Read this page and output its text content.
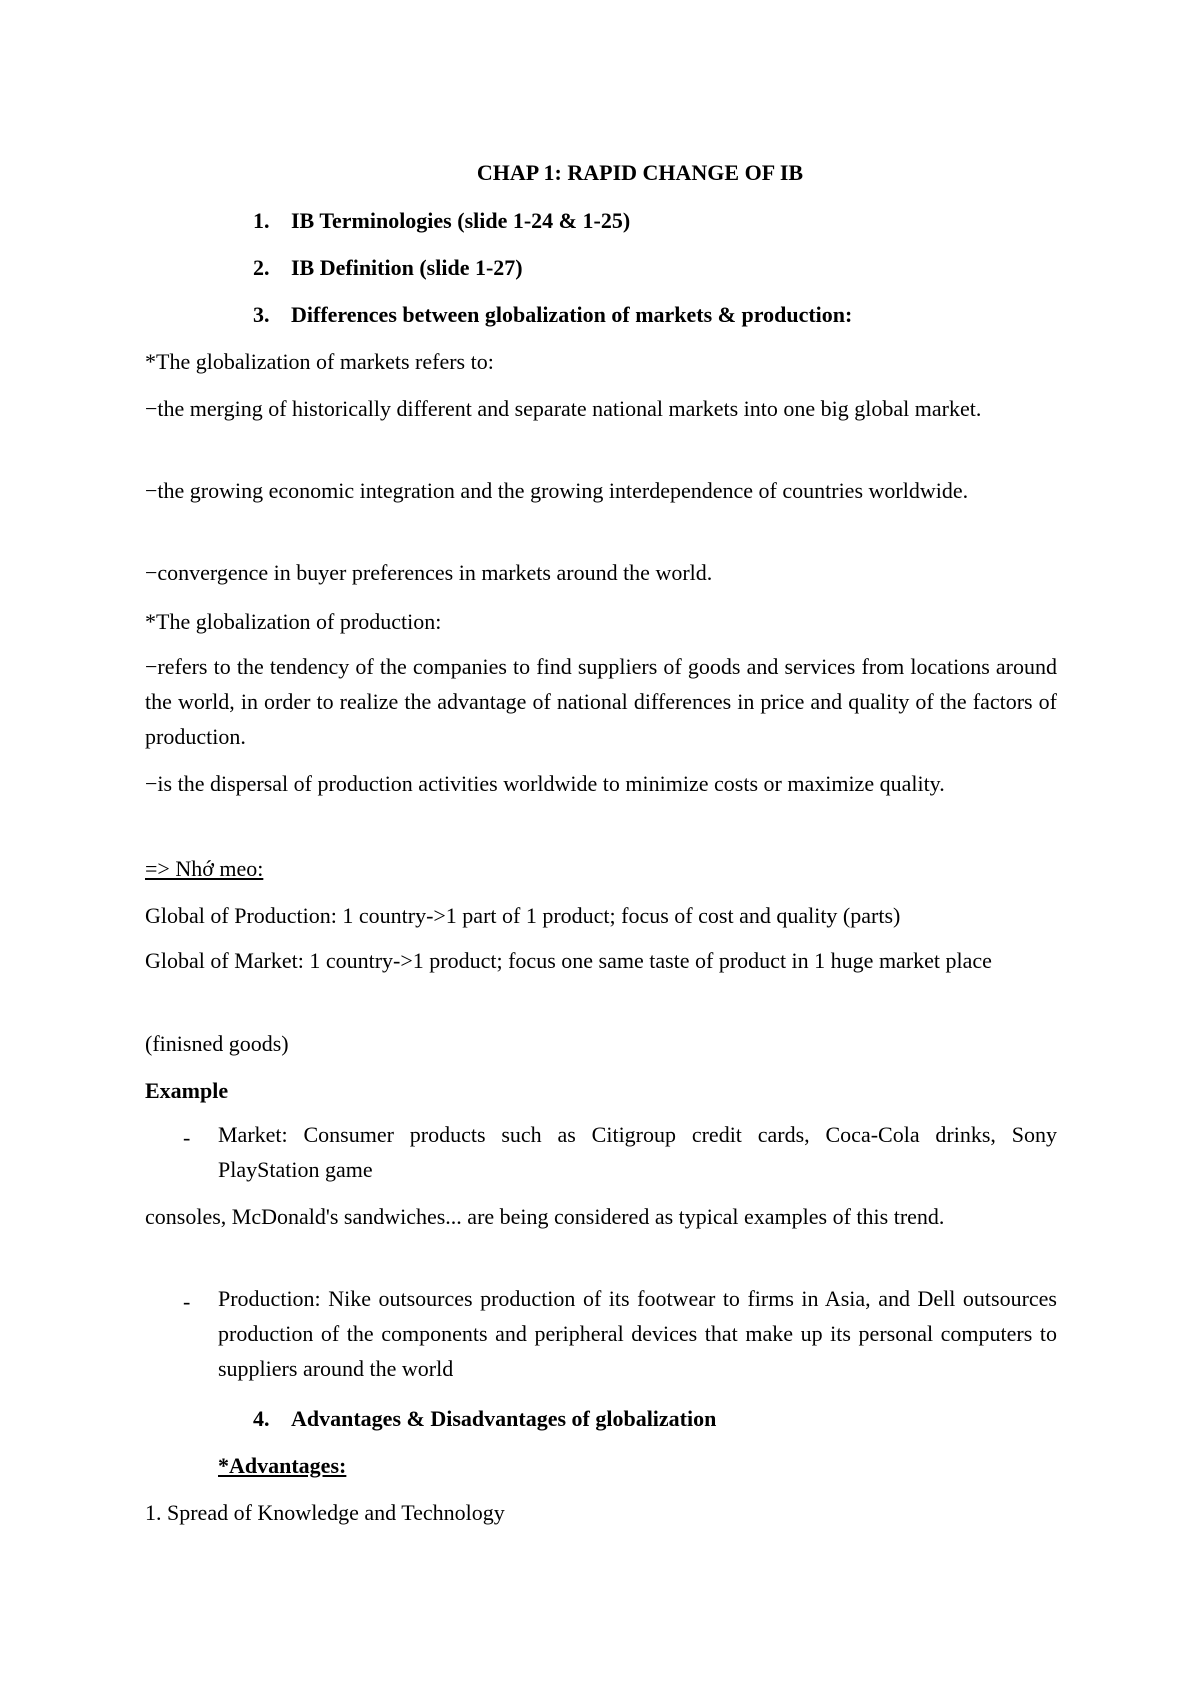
CHAP 1: RAPID CHANGE OF IB
1. IB Terminologies (slide 1-24 & 1-25)
2. IB Definition (slide 1-27)
3. Differences between globalization of markets & production:
*The globalization of markets refers to:
−the merging of historically different and separate national markets into one big global market.
−the growing economic integration and the growing interdependence of countries worldwide.
−convergence in buyer preferences in markets around the world.
*The globalization of production:
−refers to the tendency of the companies to find suppliers of goods and services from locations around the world, in order to realize the advantage of national differences in price and quality of the factors of production.
−is the dispersal of production activities worldwide to minimize costs or maximize quality.
=> Nhớ meo:
Global of Production: 1 country->1 part of 1 product; focus of cost and quality (parts)
Global of Market: 1 country->1 product; focus one same taste of product in 1 huge market place
(finisned goods)
Example
- Market: Consumer products such as Citigroup credit cards, Coca-Cola drinks, Sony PlayStation game
consoles, McDonald's sandwiches... are being considered as typical examples of this trend.
- Production: Nike outsources production of its footwear to firms in Asia, and Dell outsources production of the components and peripheral devices that make up its personal computers to suppliers around the world
4. Advantages & Disadvantages of globalization
*Advantages:
1. Spread of Knowledge and Technology
